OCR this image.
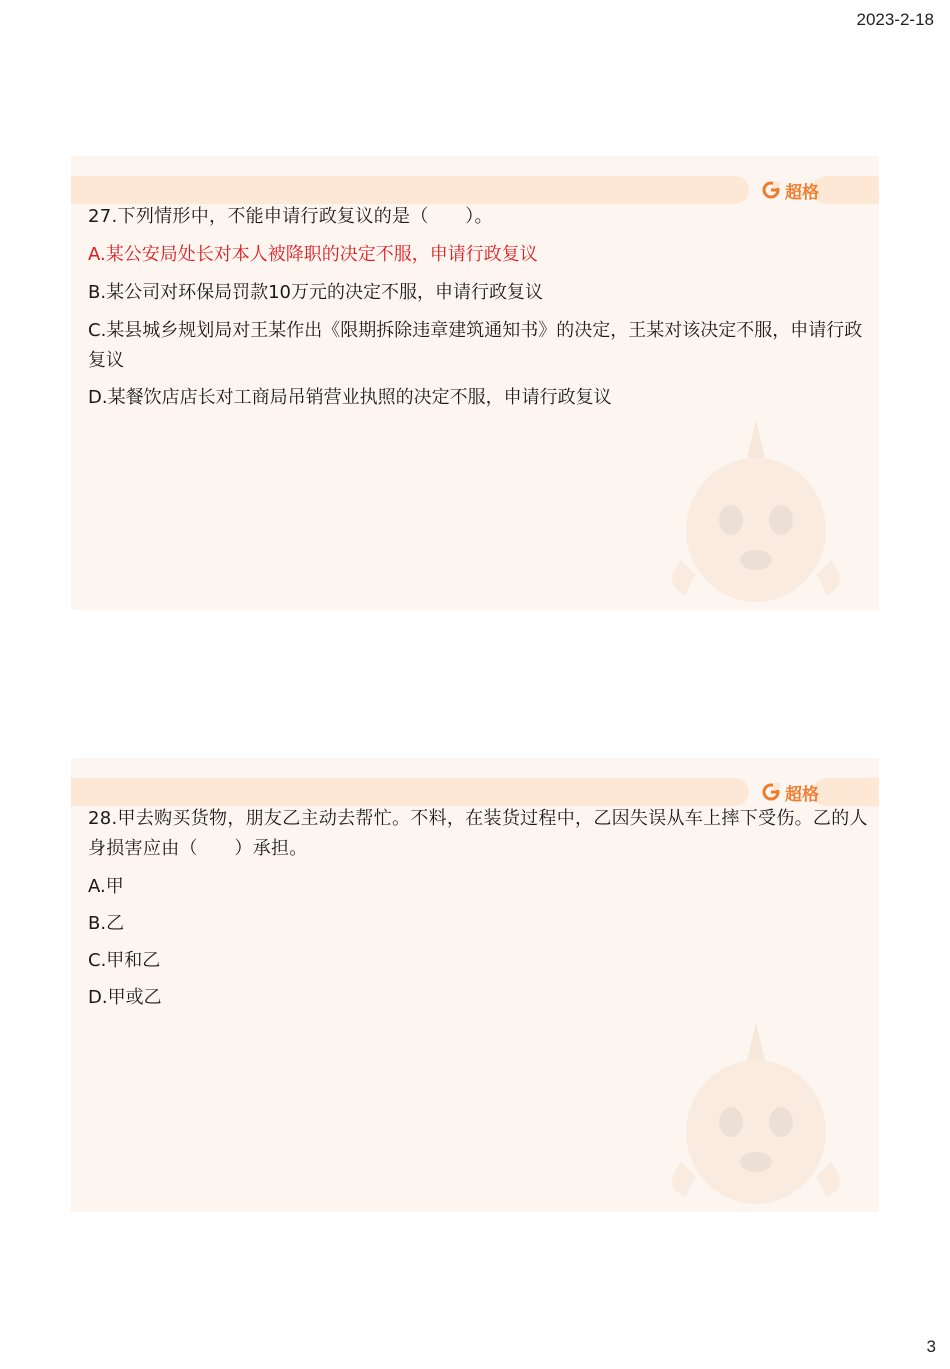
2023-2-18
超格
27.下列情形中，不能申请行政复议的是（　　）。
A.某公安局处长对本人被降职的决定不服，申请行政复议
B.某公司对环保局罚款10万元的决定不服，申请行政复议
C.某县城乡规划局对王某作出《限期拆除违章建筑通知书》的决定，王某对该决定不服，申请行政复议
D.某餐饮店店长对工商局吊销营业执照的决定不服，申请行政复议
超格
28.甲去购买货物，朋友乙主动去帮忙。不料，在装货过程中，乙因失误从车上摔下受伤。乙的人身损害应由（　　）承担。
A.甲
B.乙
C.甲和乙
D.甲或乙
3
